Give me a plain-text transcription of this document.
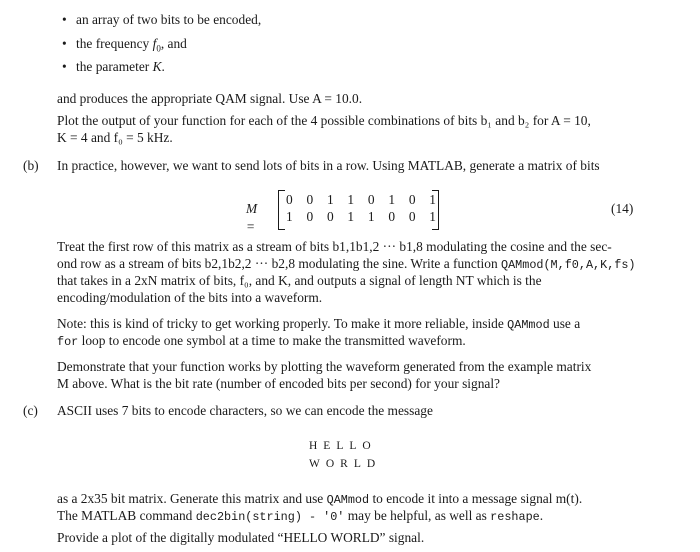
• an array of two bits to be encoded,
• the frequency $f_0$, and
• the parameter K.
and produces the appropriate QAM signal. Use A = 10.0.
Plot the output of your function for each of the 4 possible combinations of bits b₁ and b₂ for A = 10,
K = 4 and f₀ = 5 kHz.
(b) In practice, however, we want to send lots of bits in a row. Using MATLAB, generate a matrix of bits
M =
0 0 1 1 0 1 0 1
1 0 0 1 1 0 0 1
(14)
Treat the first row of this matrix as a stream of bits b1,1b1,2 ··· b1,8 modulating the cosine and the sec-
ond row as a stream of bits b2,1b2,2 ··· b2,8 modulating the sine. Write a function QAMmod(M,f0,A,K,fs)
that takes in a 2xN matrix of bits, f₀, and K, and outputs a signal of length NT which is the
encoding/modulation of the bits into a waveform.
Note: this is kind of tricky to get working properly. To make it more reliable, inside QAMmod use a
for loop to encode one symbol at a time to make the transmitted waveform.
Demonstrate that your function works by plotting the waveform generated from the example matrix
M above. What is the bit rate (number of encoded bits per second) for your signal?
(c) ASCII uses 7 bits to encode characters, so we can encode the message
HELLO
WORLD
as a 2x35 bit matrix. Generate this matrix and use QAMmod to encode it into a message signal m(t).
The MATLAB command dec2bin(string) - '0' may be helpful, as well as reshape.
Provide a plot of the digitally modulated “HELLO WORLD” signal.
